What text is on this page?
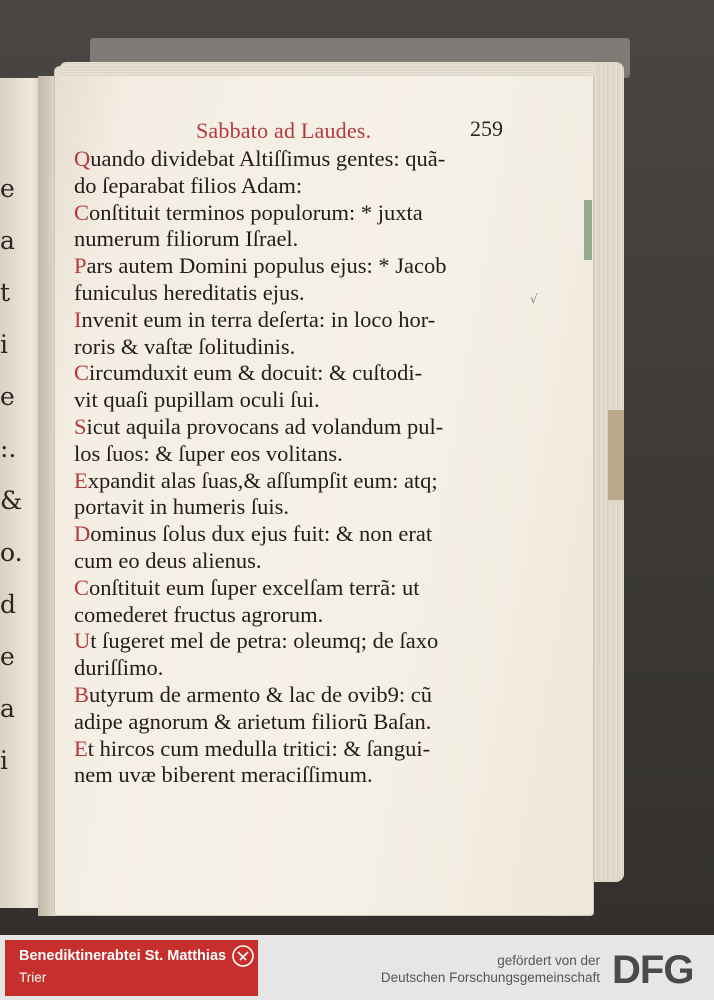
e
a
t
i
e
:.
&
o.
d
e
a
i
Sabbato ad Laudes.	259
Quando dividebat Altiſſimus gentes: quã-
do ſeparabat filios Adam:
Conſtituit terminos populorum: * juxta
numerum filiorum Iſrael.
Pars autem Domini populus ejus: * Jacob
funiculus hereditatis ejus.
Invenit eum in terra deſerta: in loco hor-
roris & vaſtæ ſolitudinis.
Circumduxit eum & docuit: & cuſtodi-
vit quaſi pupillam oculi ſui.
Sicut aquila provocans ad volandum pul-
los ſuos: & ſuper eos volitans.
Expandit alas ſuas,& aſſumpſit eum: atq;
portavit in humeris ſuis.
Dominus ſolus dux ejus fuit: & non erat
cum eo deus alienus.
Conſtituit eum ſuper excelſam terrã: ut
comederet fructus agrorum.
Ut ſugeret mel de petra: oleumq; de ſaxo
duriſſimo.
Butyrum de armento & lac de ovib9: cũ
adipe agnorum & arietum filiorũ Baſan.
Et hircos cum medulla tritici: & ſangui-
nem uvæ biberent meraciſſimum.
√
Benediktinerabtei St. Matthias
Trier
gefördert von der
Deutschen Forschungsgemeinschaft DFG
